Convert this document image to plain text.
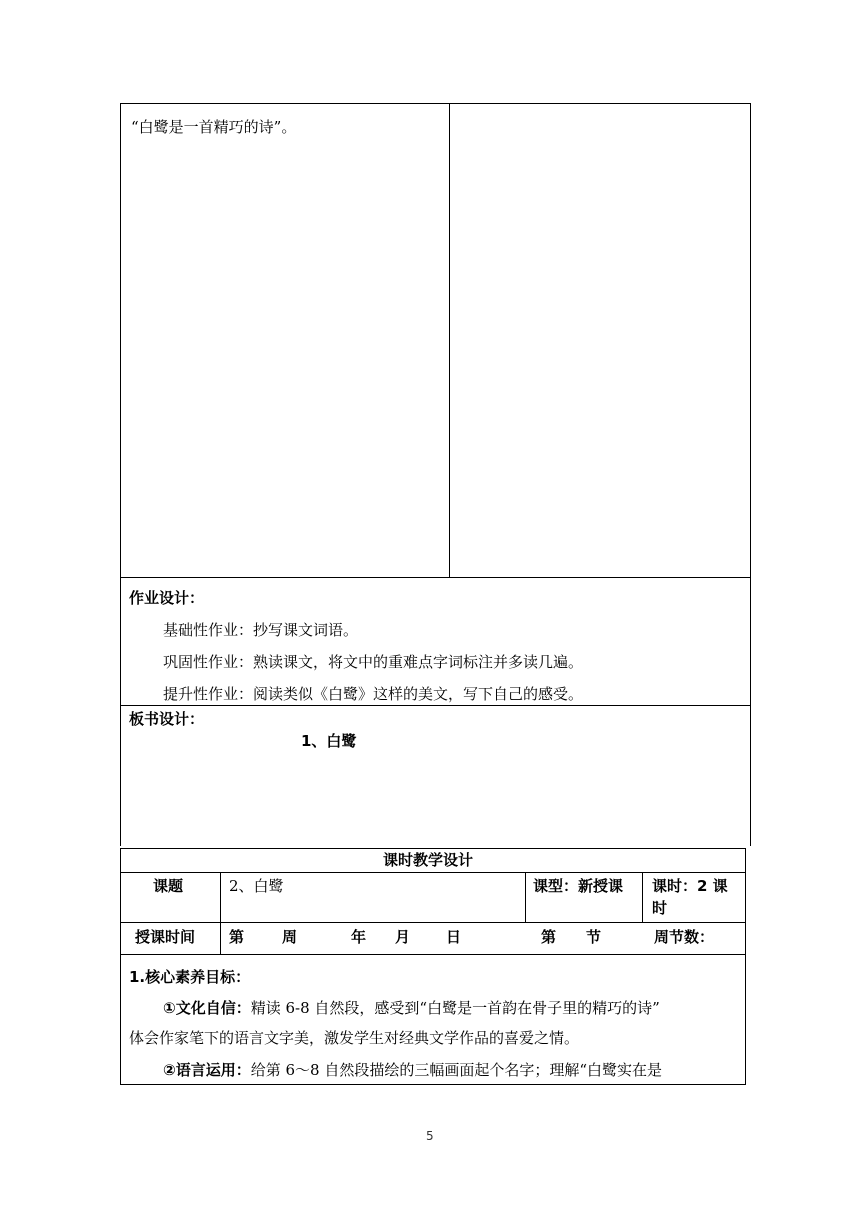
“白鹭是一首精巧的诗”。
作业设计：
基础性作业：抄写课文词语。
巩固性作业：熟读课文，将文中的重难点字词标注并多读几遍。
提升性作业：阅读类似《白鹭》这样的美文，写下自己的感受。
板书设计：
1、白鹭
课时教学设计
课题	2、白鹭	课型：新授课 课时：2 课
时
授课时间 第	周	年 月 日	第 节	周节数：
1.核心素养目标：
①文化自信：精读 6-8 自然段，感受到“白鹭是一首韵在骨子里的精巧的诗”
体会作家笔下的语言文字美，激发学生对经典文学作品的喜爱之情。
②语言运用：给第 6～8 自然段描绘的三幅画面起个名字；理解“白鹭实在是
5
